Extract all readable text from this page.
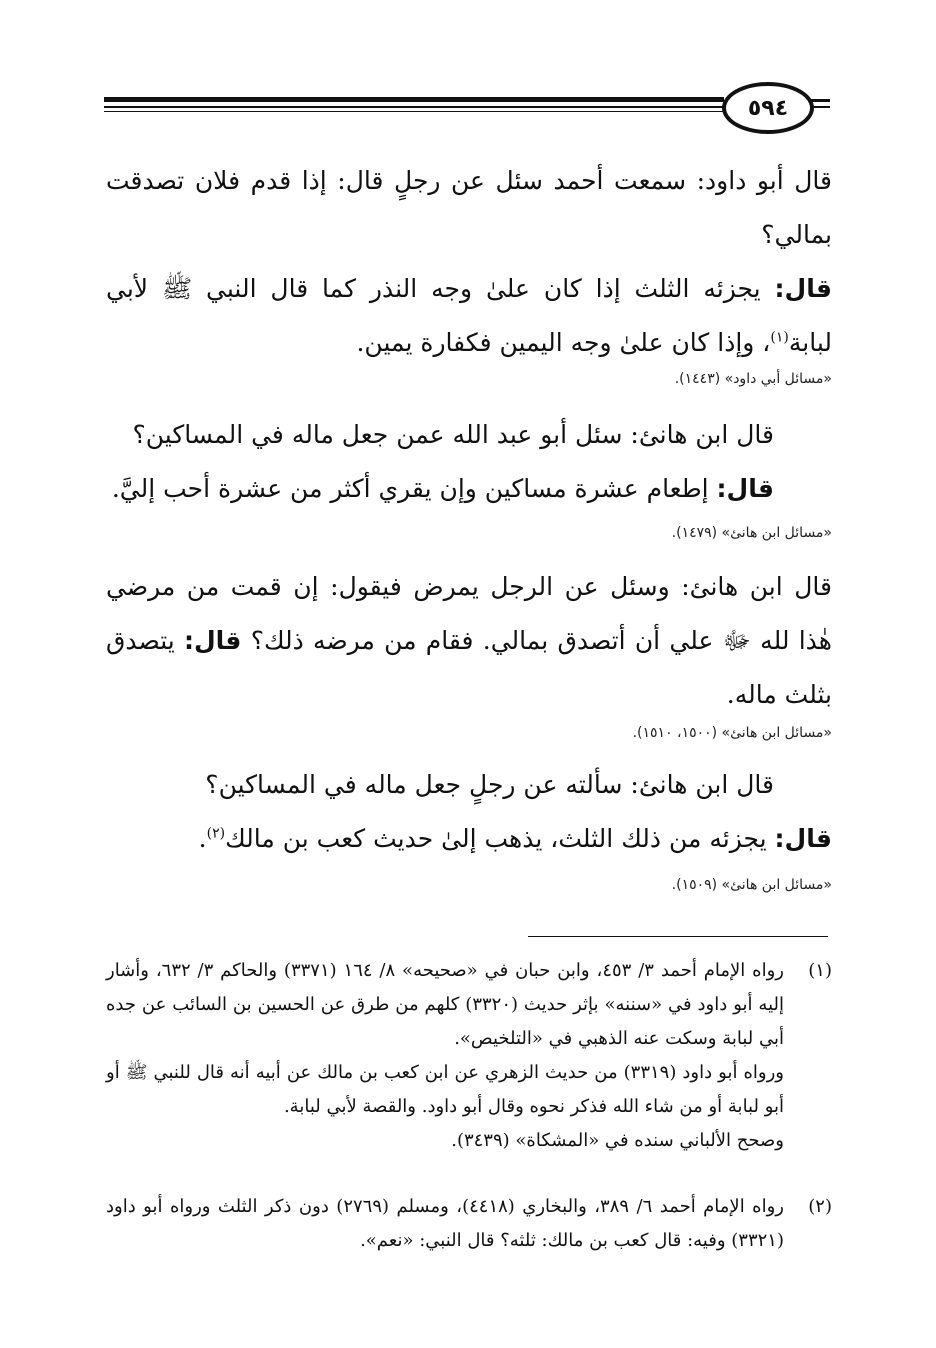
٥٩٤
قال أبو داود: سمعت أحمد سئل عن رجلٍ قال: إذا قدم فلان تصدقت بمالي؟
قال: يجزئه الثلث إذا كان علىٰ وجه النذر كما قال النبي ﷺ لأبي لبابة$^{(١)}$، وإذا كان علىٰ وجه اليمين فكفارة يمين.
«مسائل أبي داود» (١٤٤٣).
قال ابن هانئ: سئل أبو عبد الله عمن جعل ماله في المساكين؟
قال: إطعام عشرة مساكين وإن يقري أكثر من عشرة أحب إليَّ.
«مسائل ابن هانئ» (١٤٧٩).
قال ابن هانئ: وسئل عن الرجل يمرض فيقول: إن قمت من مرضي هٰذا لله ﷻ علي أن أتصدق بمالي. فقام من مرضه ذلك؟ قال: يتصدق بثلث ماله.
«مسائل ابن هانئ» (١٥٠٠، ١٥١٠).
قال ابن هانئ: سألته عن رجلٍ جعل ماله في المساكين؟
قال: يجزئه من ذلك الثلث، يذهب إلىٰ حديث كعب بن مالك$^{(٢)}$.
«مسائل ابن هانئ» (١٥٠٩).
(١)
رواه الإمام أحمد ٣/ ٤٥٣، وابن حبان في «صحيحه» ٨/ ١٦٤ (٣٣٧١) والحاكم ٣/ ٦٣٢، وأشار إليه أبو داود في «سننه» بإثر حديث (٣٣٢٠) كلهم من طرق عن الحسين بن السائب عن جده أبي لبابة وسكت عنه الذهبي في «التلخيص».
ورواه أبو داود (٣٣١٩) من حديث الزهري عن ابن كعب بن مالك عن أبيه أنه قال للنبي ﷺ أو أبو لبابة أو من شاء الله فذكر نحوه وقال أبو داود. والقصة لأبي لبابة.
وصحح الألباني سنده في «المشكاة» (٣٤٣٩).
(٢)
رواه الإمام أحمد ٦/ ٣٨٩، والبخاري (٤٤١٨)، ومسلم (٢٧٦٩) دون ذكر الثلث ورواه أبو داود (٣٣٢١) وفيه: قال كعب بن مالك: ثلثه؟ قال النبي: «نعم».
